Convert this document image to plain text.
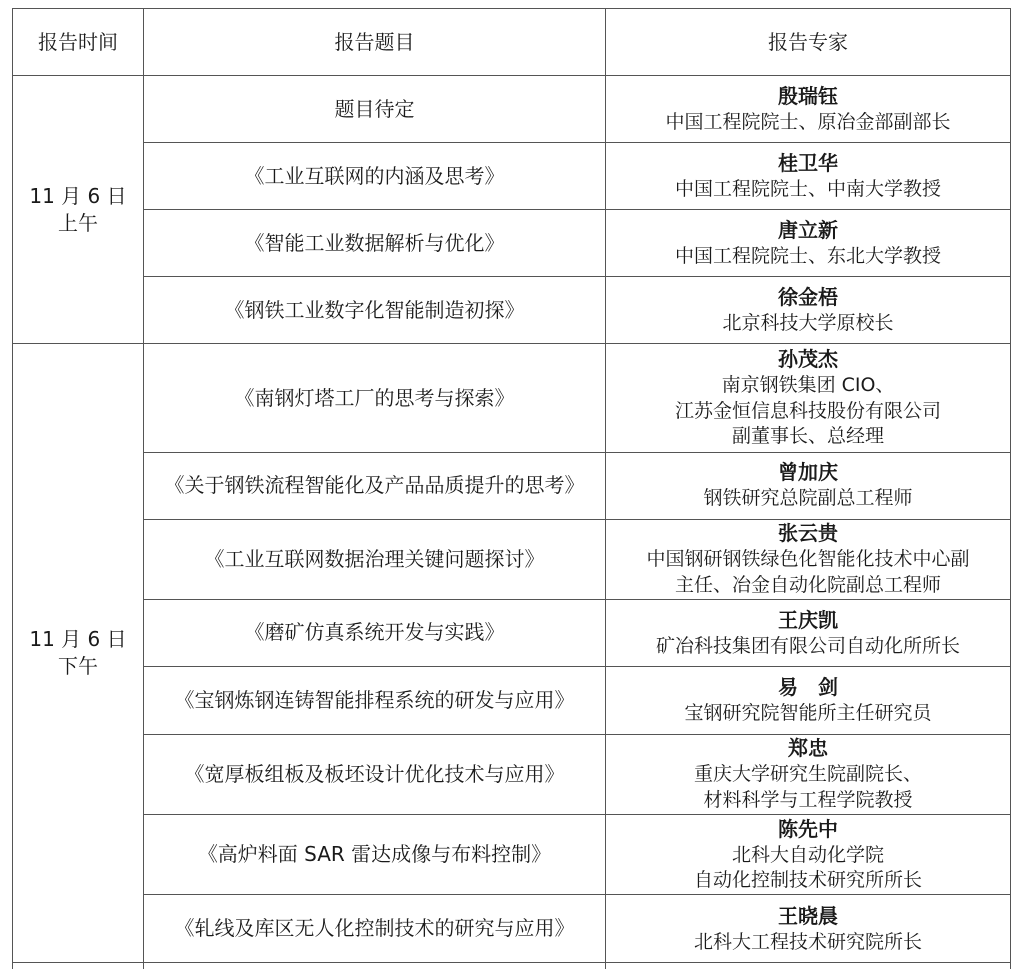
报告时间	报告题目	报告专家
11 月 6 日
上午	题目待定	殷瑞钰
中国工程院院士、原冶金部副部长

	《工业互联网的内涵及思考》	桂卫华
中国工程院院士、中南大学教授

	《智能工业数据解析与优化》	唐立新
中国工程院院士、东北大学教授

	《钢铁工业数字化智能制造初探》	徐金梧
北京科技大学原校长

11 月 6 日
下午	《南钢灯塔工厂的思考与探索》	孙茂杰
南京钢铁集团 CIO、
江苏金恒信息科技股份有限公司
副董事长、总经理

	《关于钢铁流程智能化及产品品质提升的思考》	曾加庆
钢铁研究总院副总工程师

	《工业互联网数据治理关键问题探讨》	张云贵
中国钢研钢铁绿色化智能化技术中心副
主任、冶金自动化院副总工程师

	《磨矿仿真系统开发与实践》	王庆凯
矿冶科技集团有限公司自动化所所长

	《宝钢炼钢连铸智能排程系统的研发与应用》	易　剑
宝钢研究院智能所主任研究员

	《宽厚板组板及板坯设计优化技术与应用》	郑忠
重庆大学研究生院副院长、
材料科学与工程学院教授

	《高炉料面 SAR 雷达成像与布料控制》	陈先中
北科大自动化学院
自动化控制技术研究所所长

	《轧线及库区无人化控制技术的研究与应用》	王晓晨
北科大工程技术研究院所长
